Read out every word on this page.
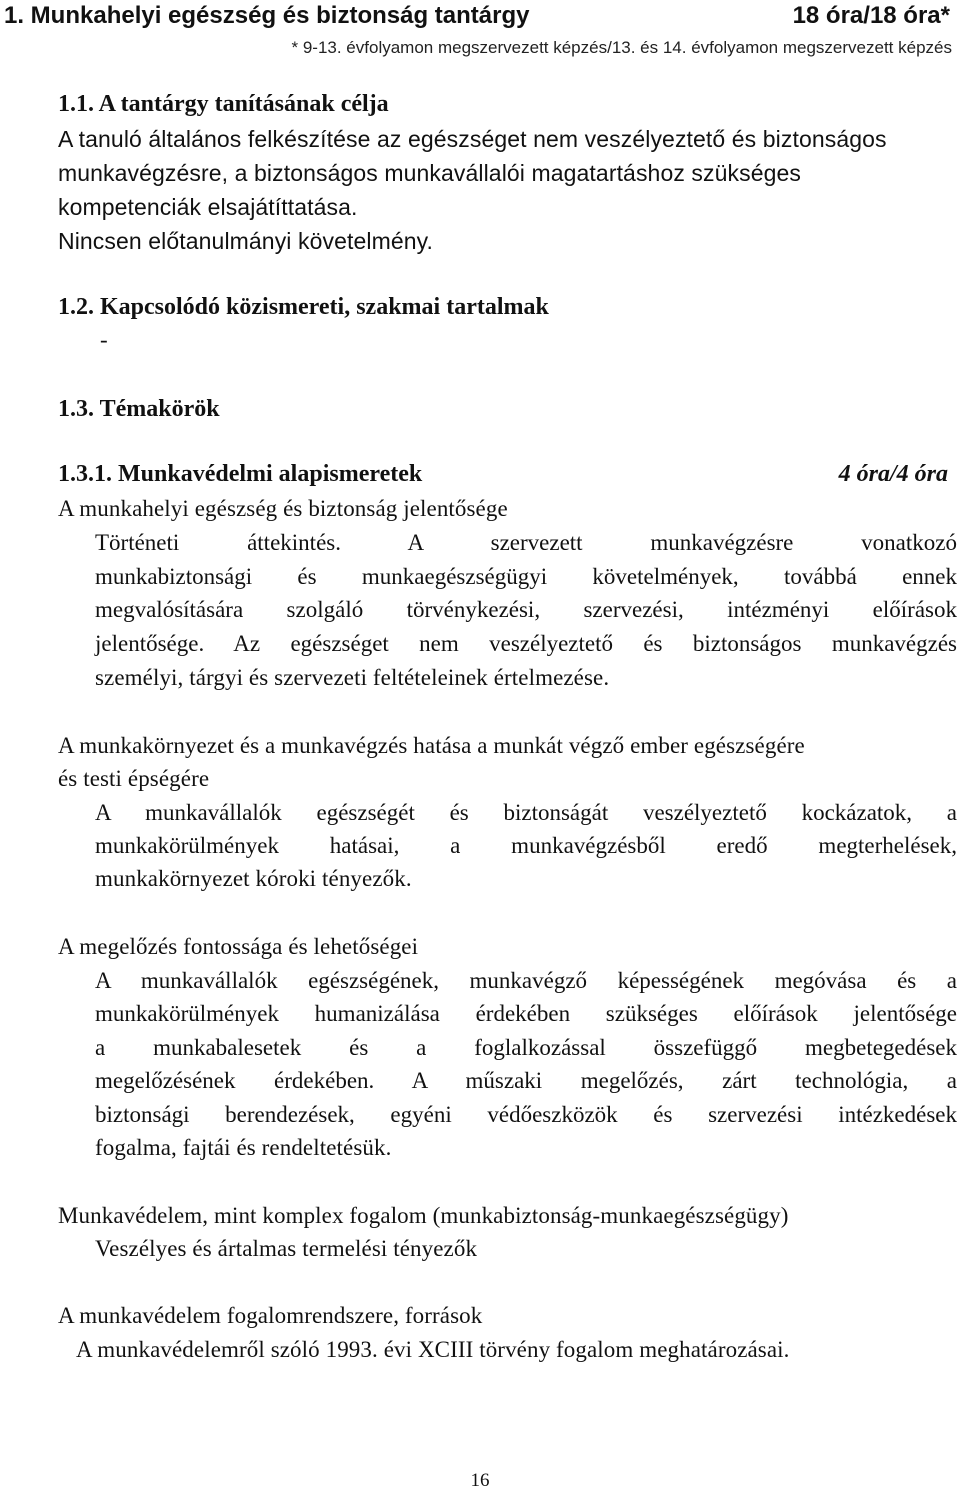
1. Munkahelyi egészség és biztonság tantárgy	18 óra/18 óra*
* 9-13. évfolyamon megszervezett képzés/13. és 14. évfolyamon megszervezett képzés
1.1. A tantárgy tanításának célja
A tanuló általános felkészítése az egészséget nem veszélyeztető és biztonságos
munkavégzésre, a biztonságos munkavállalói magatartáshoz szükséges
kompetenciák elsajátíttatása.
Nincsen előtanulmányi követelmény.
1.2. Kapcsolódó közismereti, szakmai tartalmak
-
1.3. Témakörök
1.3.1. Munkavédelmi alapismeretek	4 óra/4 óra
A munkahelyi egészség és biztonság jelentősége
Történeti áttekintés. A szervezett munkavégzésre vonatkozó
munkabiztonsági és munkaegészségügyi követelmények, továbbá ennek
megvalósítására szolgáló törvénykezési, szervezési, intézményi előírások
jelentősége. Az egészséget nem veszélyeztető és biztonságos munkavégzés
személyi, tárgyi és szervezeti feltételeinek értelmezése.
A munkakörnyezet és a munkavégzés hatása a munkát végző ember egészségére
és testi épségére
A munkavállalók egészségét és biztonságát veszélyeztető kockázatok, a
munkakörülmények hatásai, a munkavégzésből eredő megterhelések,
munkakörnyezet kóroki tényezők.
A megelőzés fontossága és lehetőségei
A munkavállalók egészségének, munkavégző képességének megóvása és a
munkakörülmények humanizálása érdekében szükséges előírások jelentősége
a munkabalesetek és a foglalkozással összefüggő megbetegedések
megelőzésének érdekében. A műszaki megelőzés, zárt technológia, a
biztonsági berendezések, egyéni védőeszközök és szervezési intézkedések
fogalma, fajtái és rendeltetésük.
Munkavédelem, mint komplex fogalom (munkabiztonság-munkaegészségügy)
Veszélyes és ártalmas termelési tényezők
A munkavédelem fogalomrendszere, források
A munkavédelemről szóló 1993. évi XCIII törvény fogalom meghatározásai.
16
